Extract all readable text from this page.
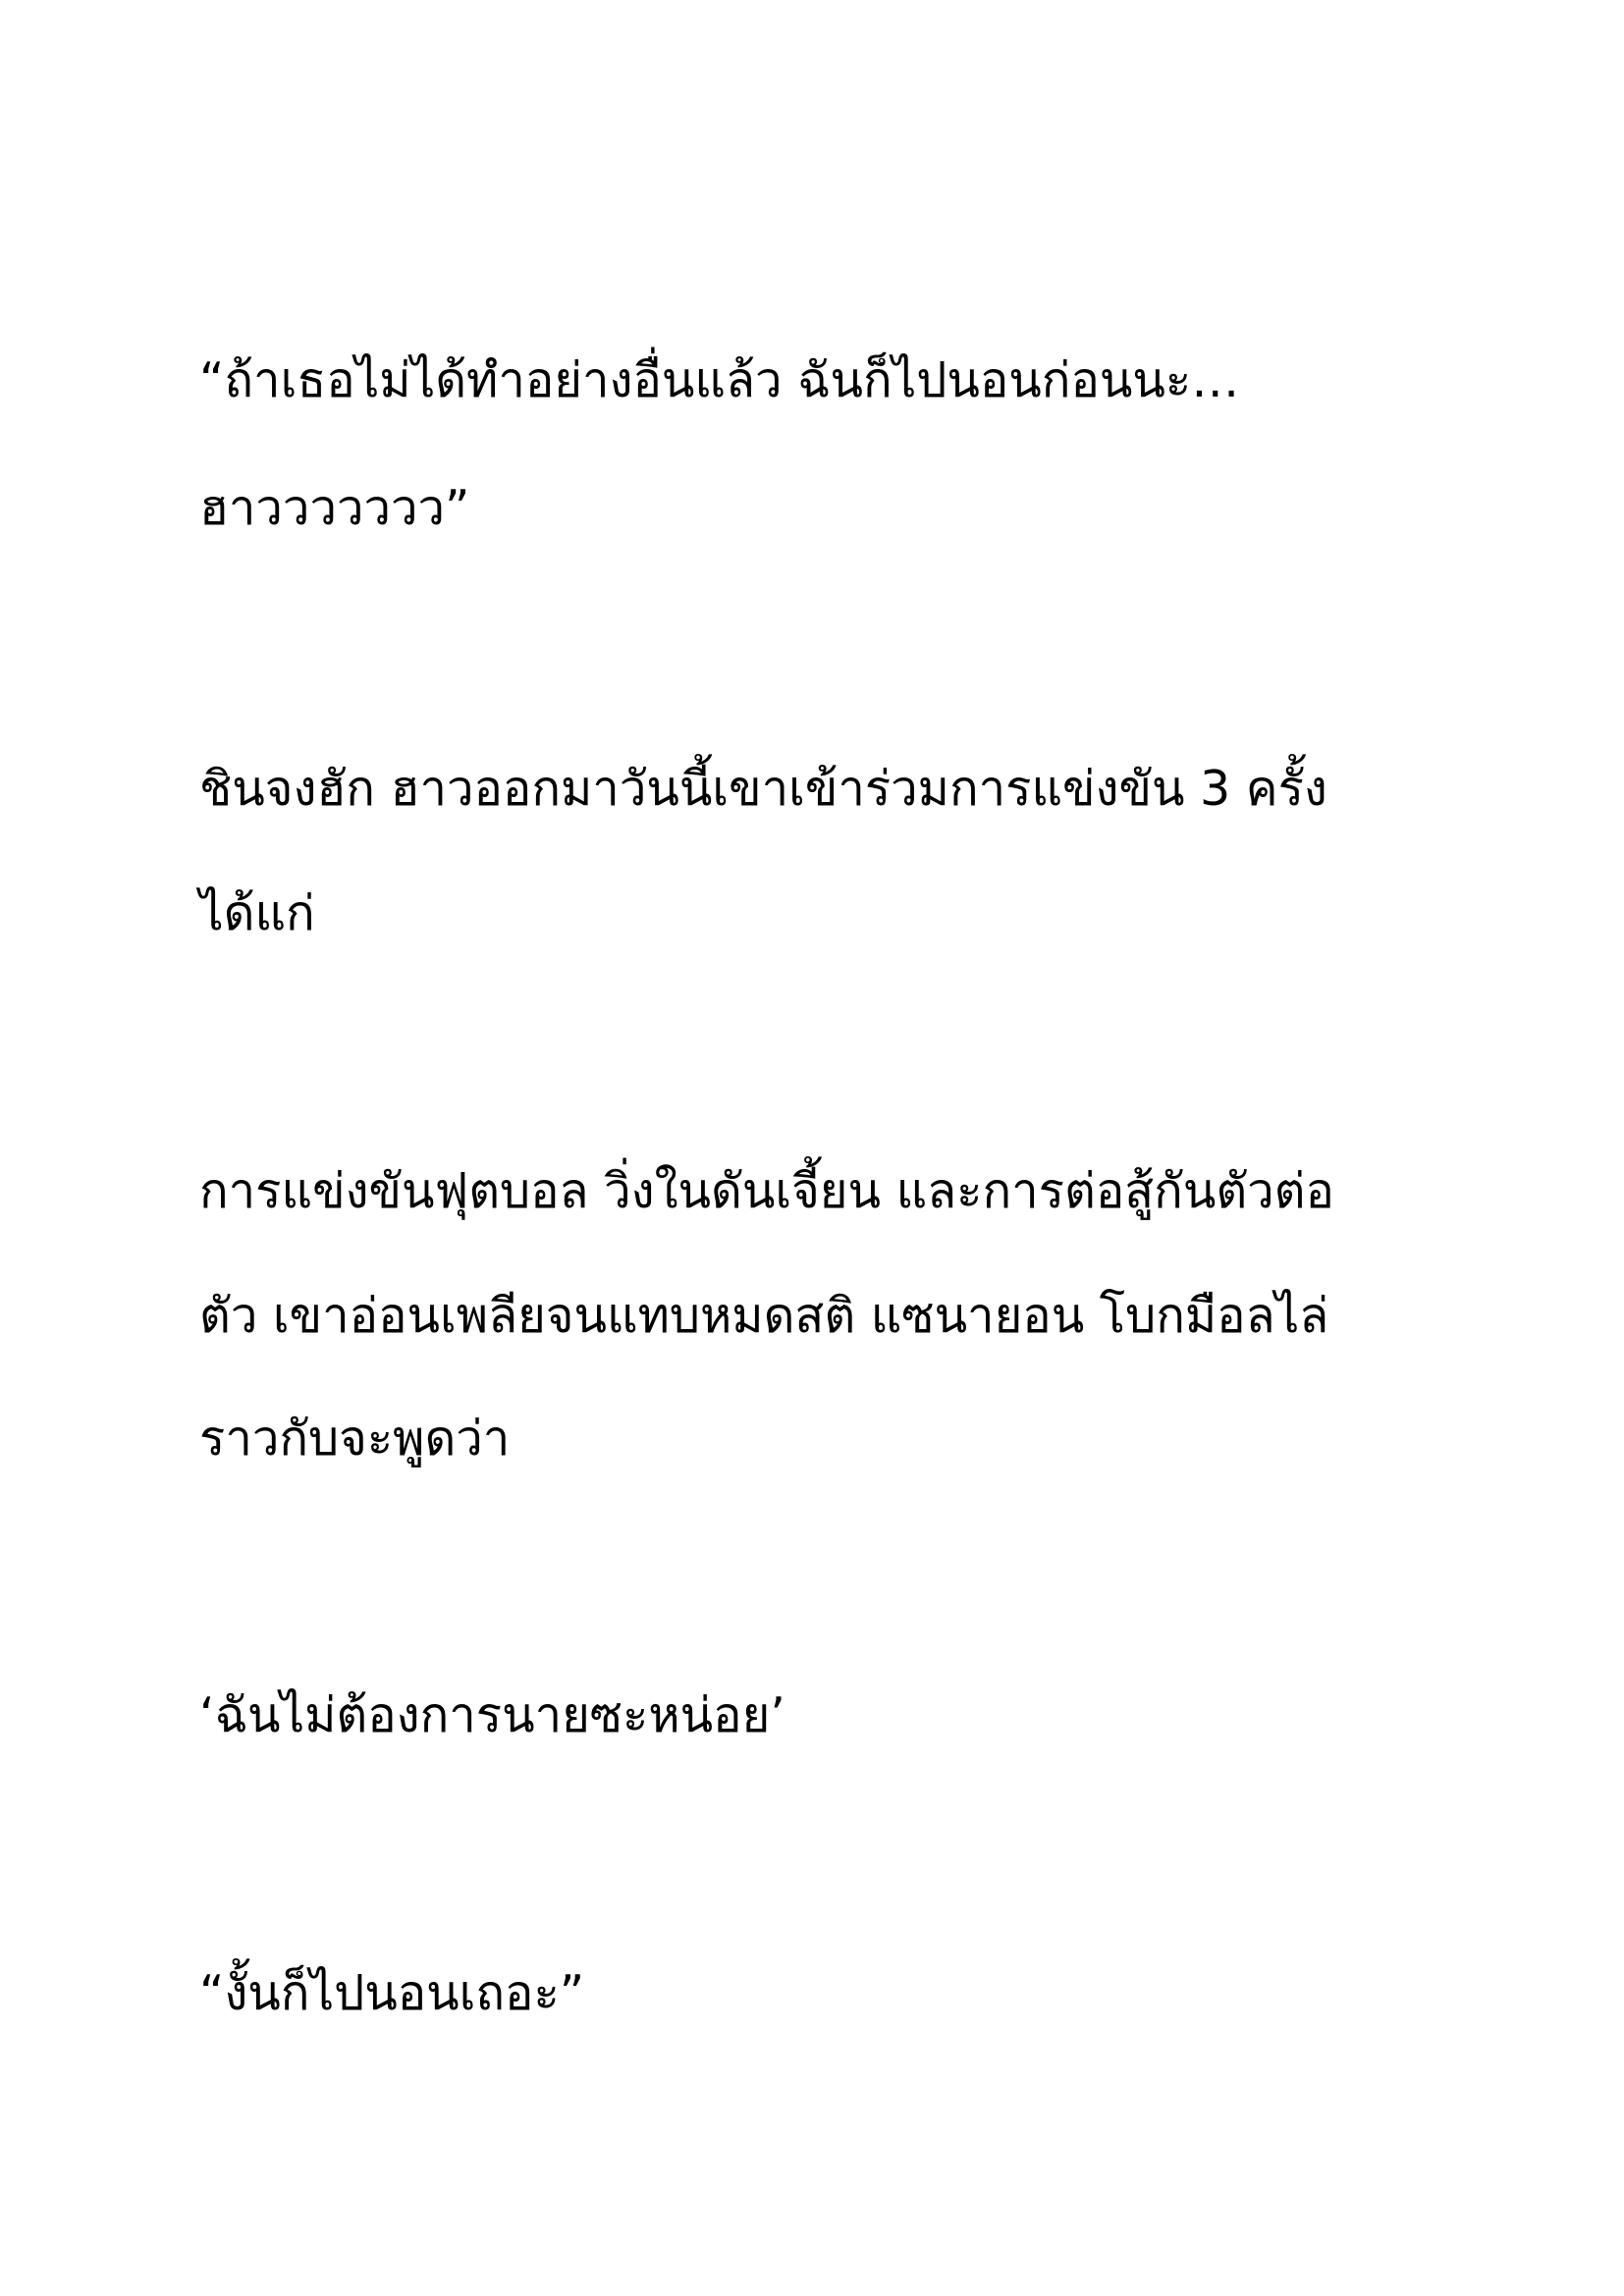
“ถ้าเธอไม่ได้ทำอย่างอื่นแล้ว ฉันก็ไปนอนก่อนนะ…
ฮาววววววว”
ชินจงฮัก ฮาวออกมาวันนี้เขาเข้าร่วมการแข่งขัน 3 ครั้ง
ได้แก่
การแข่งขันฟุตบอล วิ่งในดันเจี้ยน และการต่อสู้กันตัวต่อ
ตัว เขาอ่อนเพลียจนแทบหมดสติ แซนายอน โบกมือลไล่
ราวกับจะพูดว่า
‘ฉันไม่ต้องการนายซะหน่อย’
“งั้นก็ไปนอนเถอะ”
